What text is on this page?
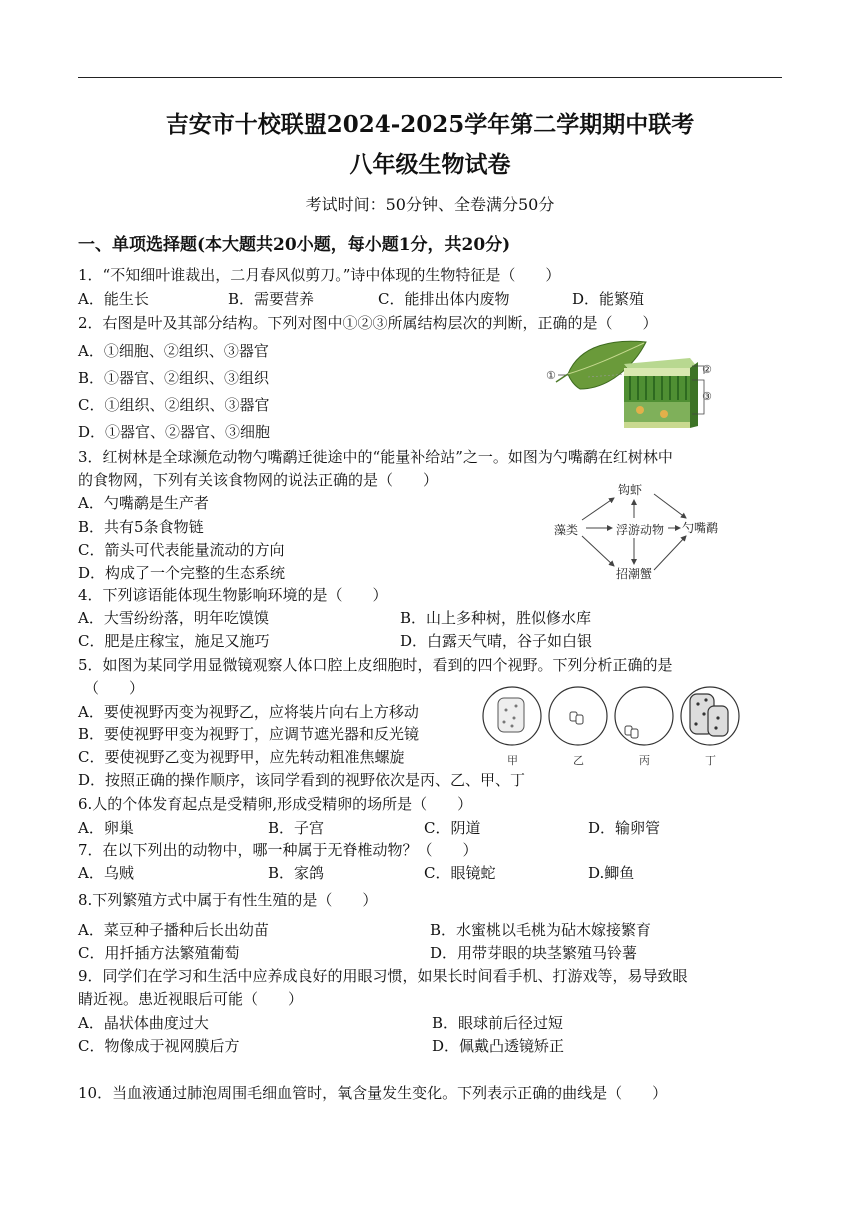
吉安市十校联盟2024-2025学年第二学期期中联考
八年级生物试卷
考试时间：50分钟、全卷满分50分
一、单项选择题(本大题共20小题，每小题1分，共20分)
1．“不知细叶谁裁出，二月春风似剪刀。”诗中体现的生物特征是（　　）
A．能生长	B．需要营养	C．能排出体内废物	D．能繁殖
2．右图是叶及其部分结构。下列对图中①②③所属结构层次的判断，正确的是（　　）
A．①细胞、②组织、③器官
B．①器官、②组织、③组织
C．①组织、②组织、③器官
D．①器官、②器官、③细胞
①	②
③
3．红树林是全球濒危动物勺嘴鹬迁徙途中的“能量补给站”之一。如图为勺嘴鹬在红树林中
的食物网，下列有关该食物网的说法正确的是（　　）
A．勺嘴鹬是生产者
B．共有5条食物链
C．箭头可代表能量流动的方向
D．构成了一个完整的生态系统
钩虾
藻类	浮游动物 勺嘴鹬
招潮蟹
4．下列谚语能体现生物影响环境的是（　　）
A．大雪纷纷落，明年吃馍馍	B．山上多种树，胜似修水库
C．肥是庄稼宝，施足又施巧	D．白露天气晴，谷子如白银
5．如图为某同学用显微镜观察人体口腔上皮细胞时，看到的四个视野。下列分析正确的是
（　　）
A．要使视野丙变为视野乙，应将装片向右上方移动
B．要使视野甲变为视野丁，应调节遮光器和反光镜
C．要使视野乙变为视野甲，应先转动粗准焦螺旋
D．按照正确的操作顺序，该同学看到的视野依次是丙、乙、甲、丁
甲	乙	丙	丁
6.人的个体发育起点是受精卵,形成受精卵的场所是（　　）
A．卵巢	B．子宫	C．阴道	D．输卵管
7．在以下列出的动物中，哪一种属于无脊椎动物？（　　）
A．乌贼	B．家鸽	C．眼镜蛇	D.鲫鱼
8.下列繁殖方式中属于有性生殖的是（　　）
A．菜豆种子播种后长出幼苗	B．水蜜桃以毛桃为砧木嫁接繁育
C．用扦插方法繁殖葡萄	D．用带芽眼的块茎繁殖马铃薯
9．同学们在学习和生活中应养成良好的用眼习惯，如果长时间看手机、打游戏等，易导致眼
睛近视。患近视眼后可能（　　）
A．晶状体曲度过大	B．眼球前后径过短
C．物像成于视网膜后方	D．佩戴凸透镜矫正
10．当血液通过肺泡周围毛细血管时，氧含量发生变化。下列表示正确的曲线是（　　）
